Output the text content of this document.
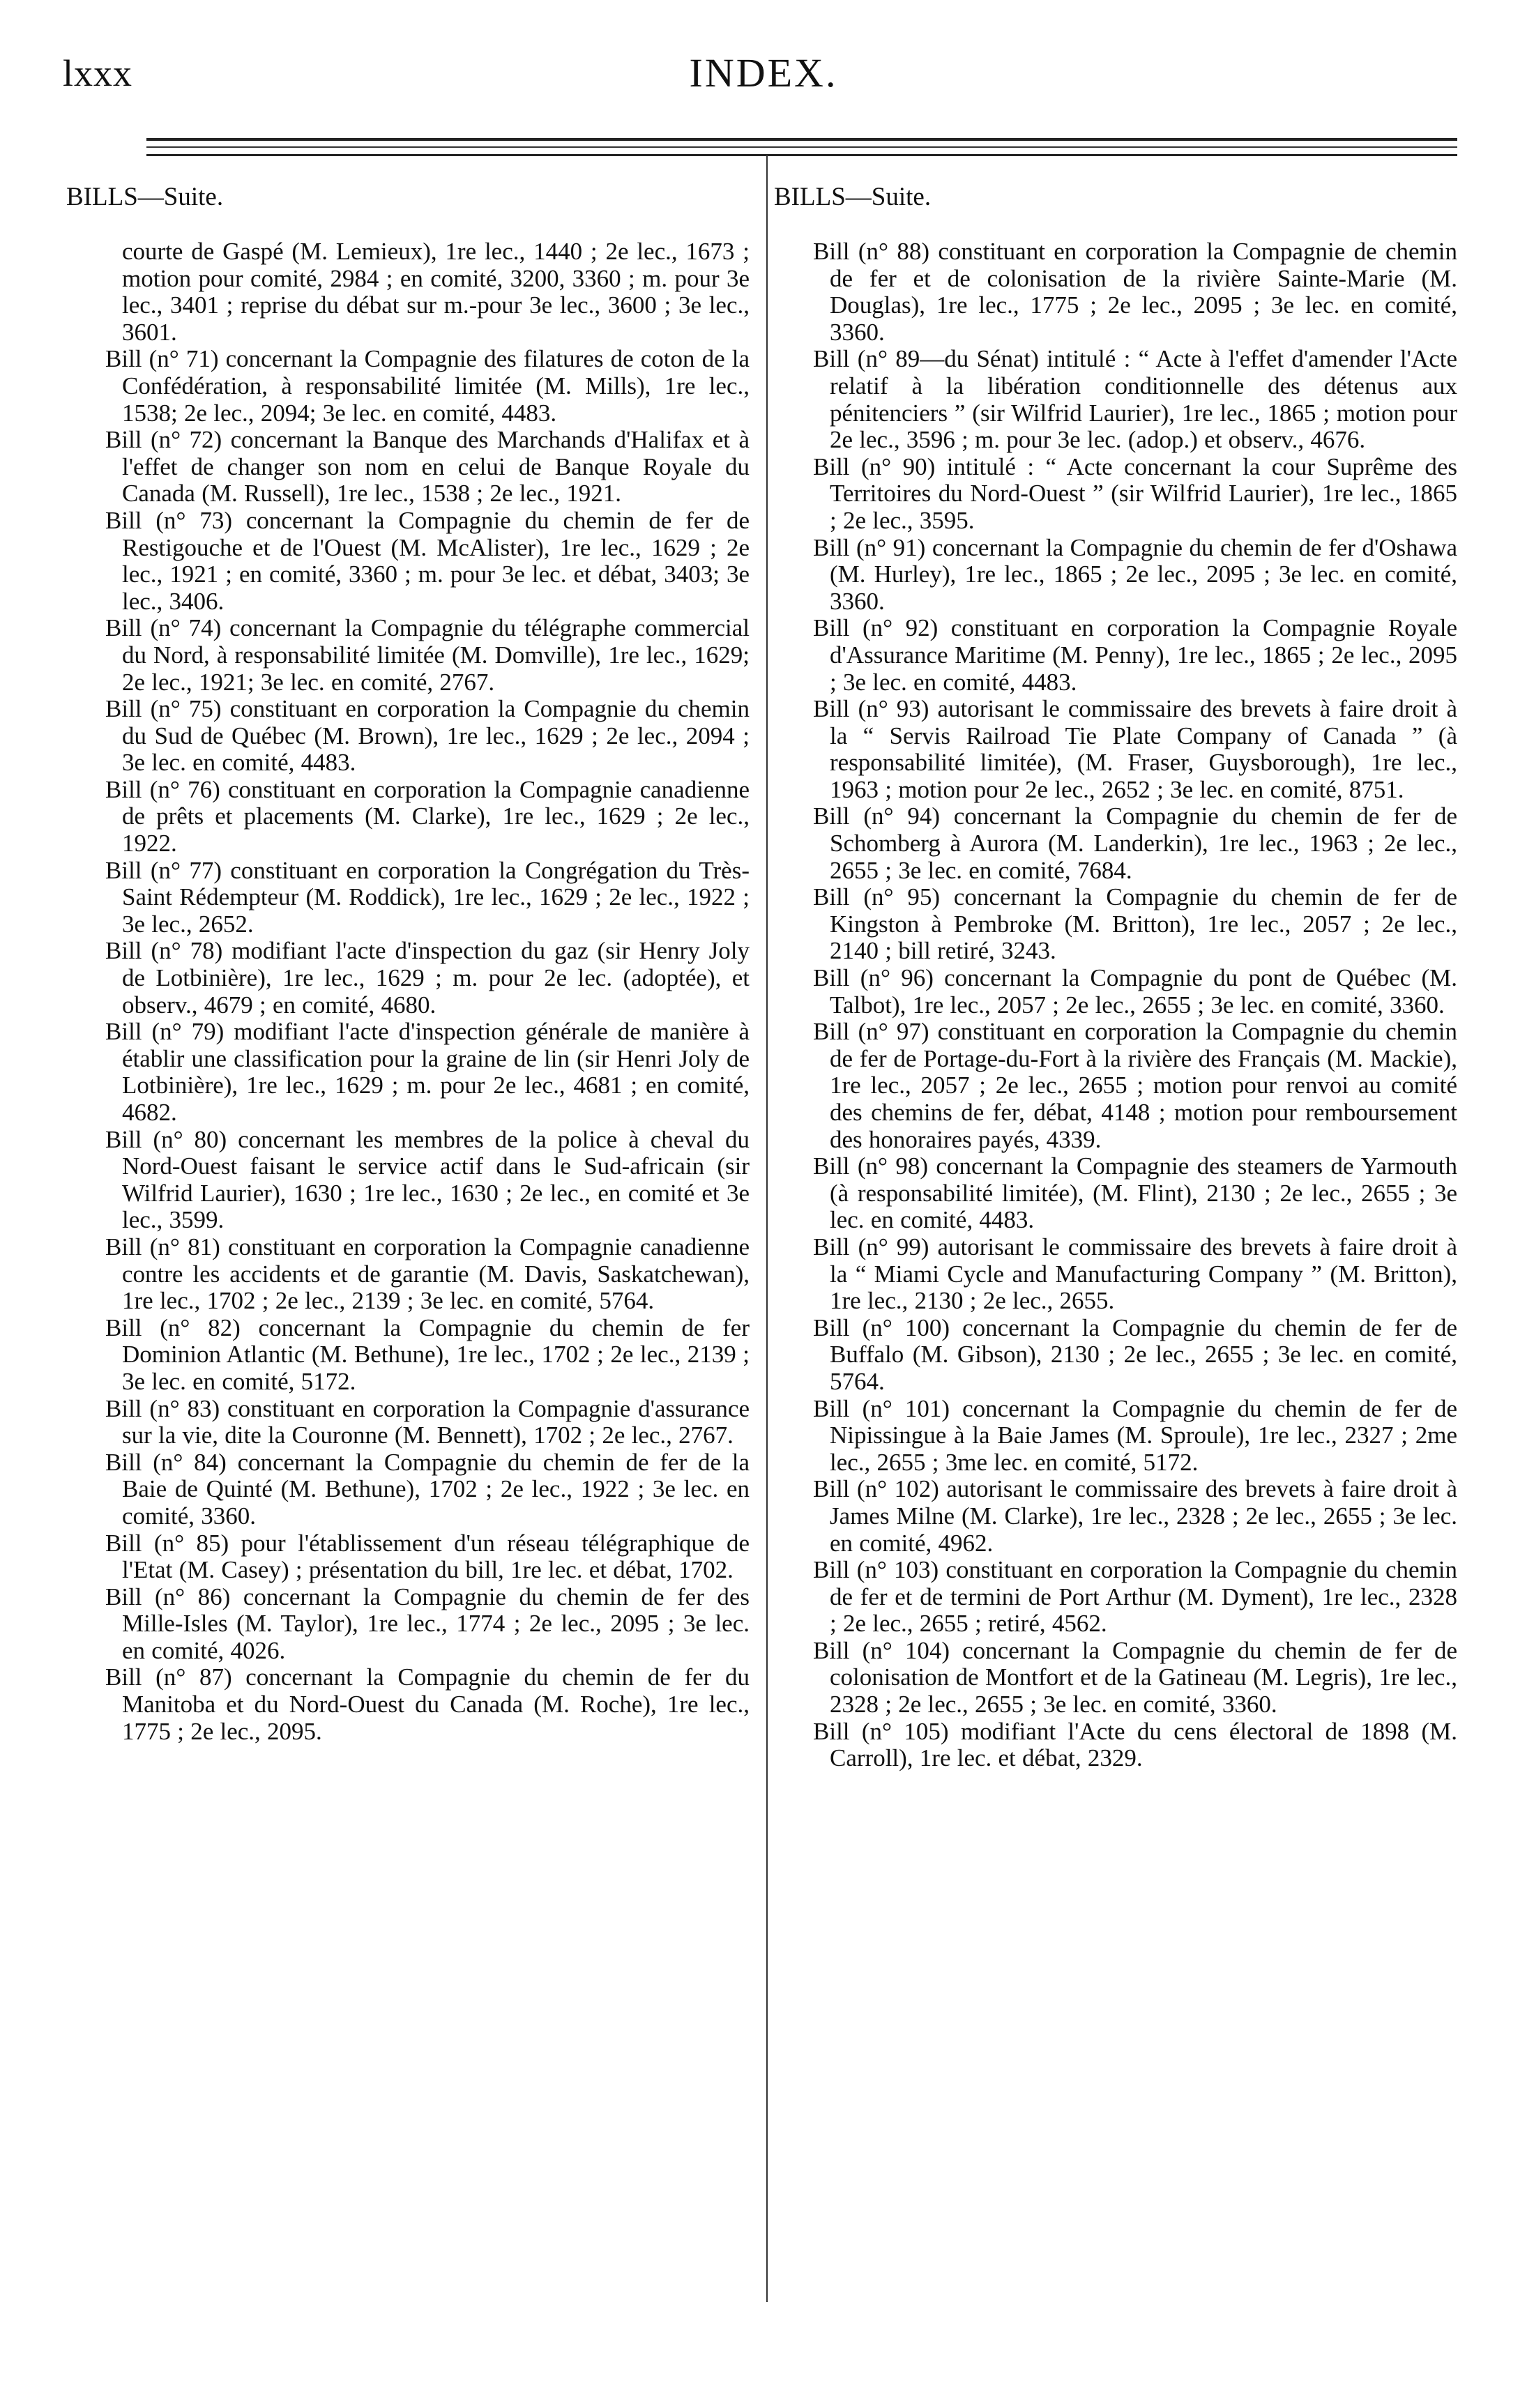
lxxx	INDEX.
BILLS—Suite.
courte de Gaspé (M. Lemieux), 1re lec., 1440 ; 2e lec., 1673 ; motion pour comité, 2984 ; en comité, 3200, 3360 ; m. pour 3e lec., 3401 ; reprise du débat sur m.-pour 3e lec., 3600 ; 3e lec., 3601.
Bill (n° 71) concernant la Compagnie des filatures de coton de la Confédération, à responsabilité limitée (M. Mills), 1re lec., 1538; 2e lec., 2094; 3e lec. en comité, 4483.
Bill (n° 72) concernant la Banque des Marchands d'Halifax et à l'effet de changer son nom en celui de Banque Royale du Canada (M. Russell), 1re lec., 1538 ; 2e lec., 1921.
Bill (n° 73) concernant la Compagnie du chemin de fer de Restigouche et de l'Ouest (M. McAlister), 1re lec., 1629 ; 2e lec., 1921 ; en comité, 3360 ; m. pour 3e lec. et débat, 3403; 3e lec., 3406.
Bill (n° 74) concernant la Compagnie du télégraphe commercial du Nord, à responsabilité limitée (M. Domville), 1re lec., 1629; 2e lec., 1921; 3e lec. en comité, 2767.
Bill (n° 75) constituant en corporation la Compagnie du chemin du Sud de Québec (M. Brown), 1re lec., 1629 ; 2e lec., 2094 ; 3e lec. en comité, 4483.
Bill (n° 76) constituant en corporation la Compagnie canadienne de prêts et placements (M. Clarke), 1re lec., 1629 ; 2e lec., 1922.
Bill (n° 77) constituant en corporation la Congrégation du Très-Saint Rédempteur (M. Roddick), 1re lec., 1629 ; 2e lec., 1922 ; 3e lec., 2652.
Bill (n° 78) modifiant l'acte d'inspection du gaz (sir Henry Joly de Lotbinière), 1re lec., 1629 ; m. pour 2e lec. (adoptée), et observ., 4679 ; en comité, 4680.
Bill (n° 79) modifiant l'acte d'inspection générale de manière à établir une classification pour la graine de lin (sir Henri Joly de Lotbinière), 1re lec., 1629 ; m. pour 2e lec., 4681 ; en comité, 4682.
Bill (n° 80) concernant les membres de la police à cheval du Nord-Ouest faisant le service actif dans le Sud-africain (sir Wilfrid Laurier), 1630 ; 1re lec., 1630 ; 2e lec., en comité et 3e lec., 3599.
Bill (n° 81) constituant en corporation la Compagnie canadienne contre les accidents et de garantie (M. Davis, Saskatchewan), 1re lec., 1702 ; 2e lec., 2139 ; 3e lec. en comité, 5764.
Bill (n° 82) concernant la Compagnie du chemin de fer Dominion Atlantic (M. Bethune), 1re lec., 1702 ; 2e lec., 2139 ; 3e lec. en comité, 5172.
Bill (n° 83) constituant en corporation la Compagnie d'assurance sur la vie, dite la Couronne (M. Bennett), 1702 ; 2e lec., 2767.
Bill (n° 84) concernant la Compagnie du chemin de fer de la Baie de Quinté (M. Bethune), 1702 ; 2e lec., 1922 ; 3e lec. en comité, 3360.
Bill (n° 85) pour l'établissement d'un réseau télégraphique de l'Etat (M. Casey) ; présentation du bill, 1re lec. et débat, 1702.
Bill (n° 86) concernant la Compagnie du chemin de fer des Mille-Isles (M. Taylor), 1re lec., 1774 ; 2e lec., 2095 ; 3e lec. en comité, 4026.
Bill (n° 87) concernant la Compagnie du chemin de fer du Manitoba et du Nord-Ouest du Canada (M. Roche), 1re lec., 1775 ; 2e lec., 2095.
BILLS—Suite.
Bill (n° 88) constituant en corporation la Compagnie de chemin de fer et de colonisation de la rivière Sainte-Marie (M. Douglas), 1re lec., 1775 ; 2e lec., 2095 ; 3e lec. en comité, 3360.
Bill (n° 89—du Sénat) intitulé : “ Acte à l'effet d'amender l'Acte relatif à la libération conditionnelle des détenus aux pénitenciers ” (sir Wilfrid Laurier), 1re lec., 1865 ; motion pour 2e lec., 3596 ; m. pour 3e lec. (adop.) et observ., 4676.
Bill (n° 90) intitulé : “ Acte concernant la cour Suprême des Territoires du Nord-Ouest ” (sir Wilfrid Laurier), 1re lec., 1865 ; 2e lec., 3595.
Bill (n° 91) concernant la Compagnie du chemin de fer d'Oshawa (M. Hurley), 1re lec., 1865 ; 2e lec., 2095 ; 3e lec. en comité, 3360.
Bill (n° 92) constituant en corporation la Compagnie Royale d'Assurance Maritime (M. Penny), 1re lec., 1865 ; 2e lec., 2095 ; 3e lec. en comité, 4483.
Bill (n° 93) autorisant le commissaire des brevets à faire droit à la “ Servis Railroad Tie Plate Company of Canada ” (à responsabilité limitée), (M. Fraser, Guysborough), 1re lec., 1963 ; motion pour 2e lec., 2652 ; 3e lec. en comité, 8751.
Bill (n° 94) concernant la Compagnie du chemin de fer de Schomberg à Aurora (M. Landerkin), 1re lec., 1963 ; 2e lec., 2655 ; 3e lec. en comité, 7684.
Bill (n° 95) concernant la Compagnie du chemin de fer de Kingston à Pembroke (M. Britton), 1re lec., 2057 ; 2e lec., 2140 ; bill retiré, 3243.
Bill (n° 96) concernant la Compagnie du pont de Québec (M. Talbot), 1re lec., 2057 ; 2e lec., 2655 ; 3e lec. en comité, 3360.
Bill (n° 97) constituant en corporation la Compagnie du chemin de fer de Portage-du-Fort à la rivière des Français (M. Mackie), 1re lec., 2057 ; 2e lec., 2655 ; motion pour renvoi au comité des chemins de fer, débat, 4148 ; motion pour remboursement des honoraires payés, 4339.
Bill (n° 98) concernant la Compagnie des steamers de Yarmouth (à responsabilité limitée), (M. Flint), 2130 ; 2e lec., 2655 ; 3e lec. en comité, 4483.
Bill (n° 99) autorisant le commissaire des brevets à faire droit à la “ Miami Cycle and Manufacturing Company ” (M. Britton), 1re lec., 2130 ; 2e lec., 2655.
Bill (n° 100) concernant la Compagnie du chemin de fer de Buffalo (M. Gibson), 2130 ; 2e lec., 2655 ; 3e lec. en comité, 5764.
Bill (n° 101) concernant la Compagnie du chemin de fer de Nipissingue à la Baie James (M. Sproule), 1re lec., 2327 ; 2me lec., 2655 ; 3me lec. en comité, 5172.
Bill (n° 102) autorisant le commissaire des brevets à faire droit à James Milne (M. Clarke), 1re lec., 2328 ; 2e lec., 2655 ; 3e lec. en comité, 4962.
Bill (n° 103) constituant en corporation la Compagnie du chemin de fer et de termini de Port Arthur (M. Dyment), 1re lec., 2328 ; 2e lec., 2655 ; retiré, 4562.
Bill (n° 104) concernant la Compagnie du chemin de fer de colonisation de Montfort et de la Gatineau (M. Legris), 1re lec., 2328 ; 2e lec., 2655 ; 3e lec. en comité, 3360.
Bill (n° 105) modifiant l'Acte du cens électoral de 1898 (M. Carroll), 1re lec. et débat, 2329.
